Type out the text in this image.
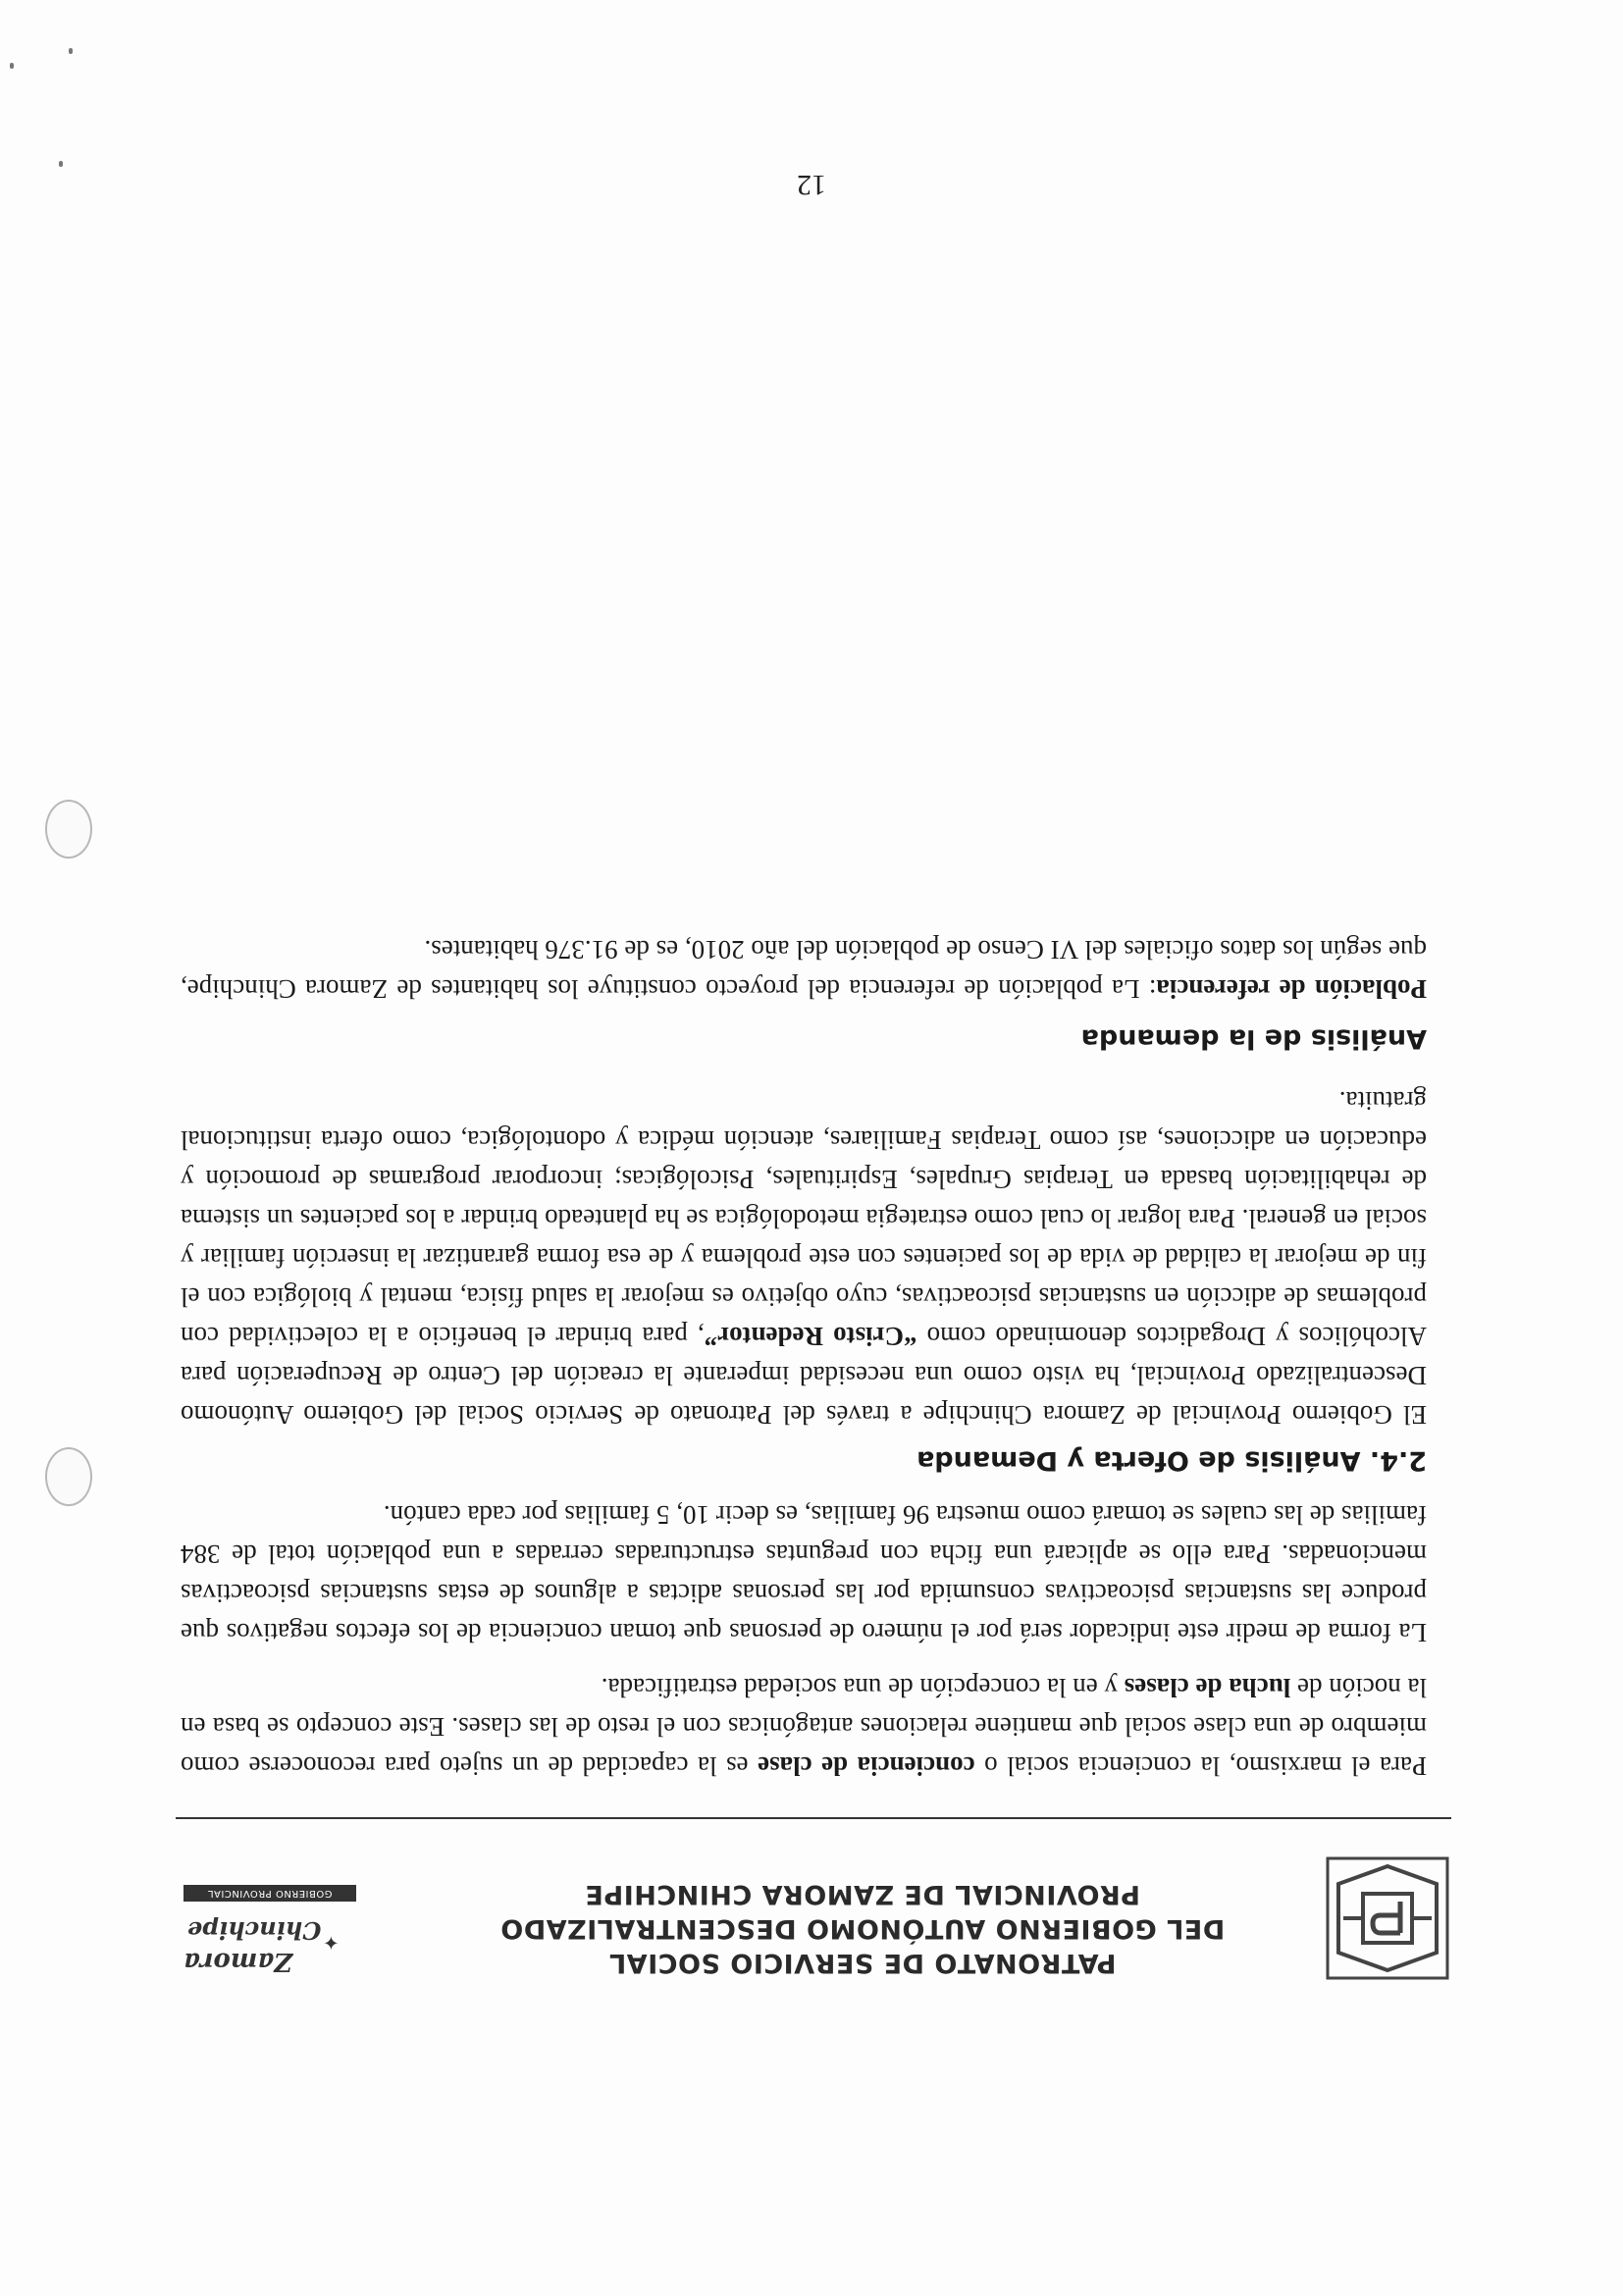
PATRONATO DE SERVICIO SOCIAL
DEL GOBIERNO AUTÓNOMO DESCENTRALIZADO
PROVINCIAL DE ZAMORA CHINCHIPE
✦
Zamora
Chinchipe
GOBIERNO PROVINCIAL

Para el marxismo, la conciencia social o conciencia de clase es la capacidad de un sujeto para reconocerse como miembro de una clase social que mantiene relaciones antagónicas con el resto de las clases. Este concepto se basa en la noción de lucha de clases y en la concepción de una sociedad estratificada.

La forma de medir este indicador será por el número de personas que toman conciencia de los efectos negativos que produce las sustancias psicoactivas consumida por las personas adictas a algunos de estas sustancias psicoactivas mencionadas. Para ello se aplicará una ficha con preguntas estructuradas cerradas a una población total de 384 familias de las cuales se tomará como muestra 96 familias, es decir 10, 5 familias por cada cantón.

2.4. Análisis de Oferta y Demanda

El Gobierno Provincial de Zamora Chinchipe a través del Patronato de Servicio Social del Gobierno Autónomo Descentralizado Provincial, ha visto como una necesidad imperante la creación del Centro de Recuperación para Alcohólicos y Drogadictos denominado como “Cristo Redentor”, para brindar el beneficio a la colectividad con problemas de adicción en sustancias psicoactivas, cuyo objetivo es mejorar la salud física, mental y biológica con el fin de mejorar la calidad de vida de los pacientes con este problema y de esa forma garantizar la inserción familiar y social en general. Para lograr lo cual como estrategia metodológica se ha planteado brindar a los pacientes un sistema de rehabilitación basada en Terapias Grupales, Espirituales, Psicológicas; incorporar programas de promoción y educación en adicciones, así como Terapias Familiares, atención médica y odontológica, como oferta institucional gratuita.

Análisis de la demanda

Población de referencia: La población de referencia del proyecto constituye los habitantes de Zamora Chinchipe, que según los datos oficiales del VI Censo de población del año 2010, es de 91.376 habitantes.

12
